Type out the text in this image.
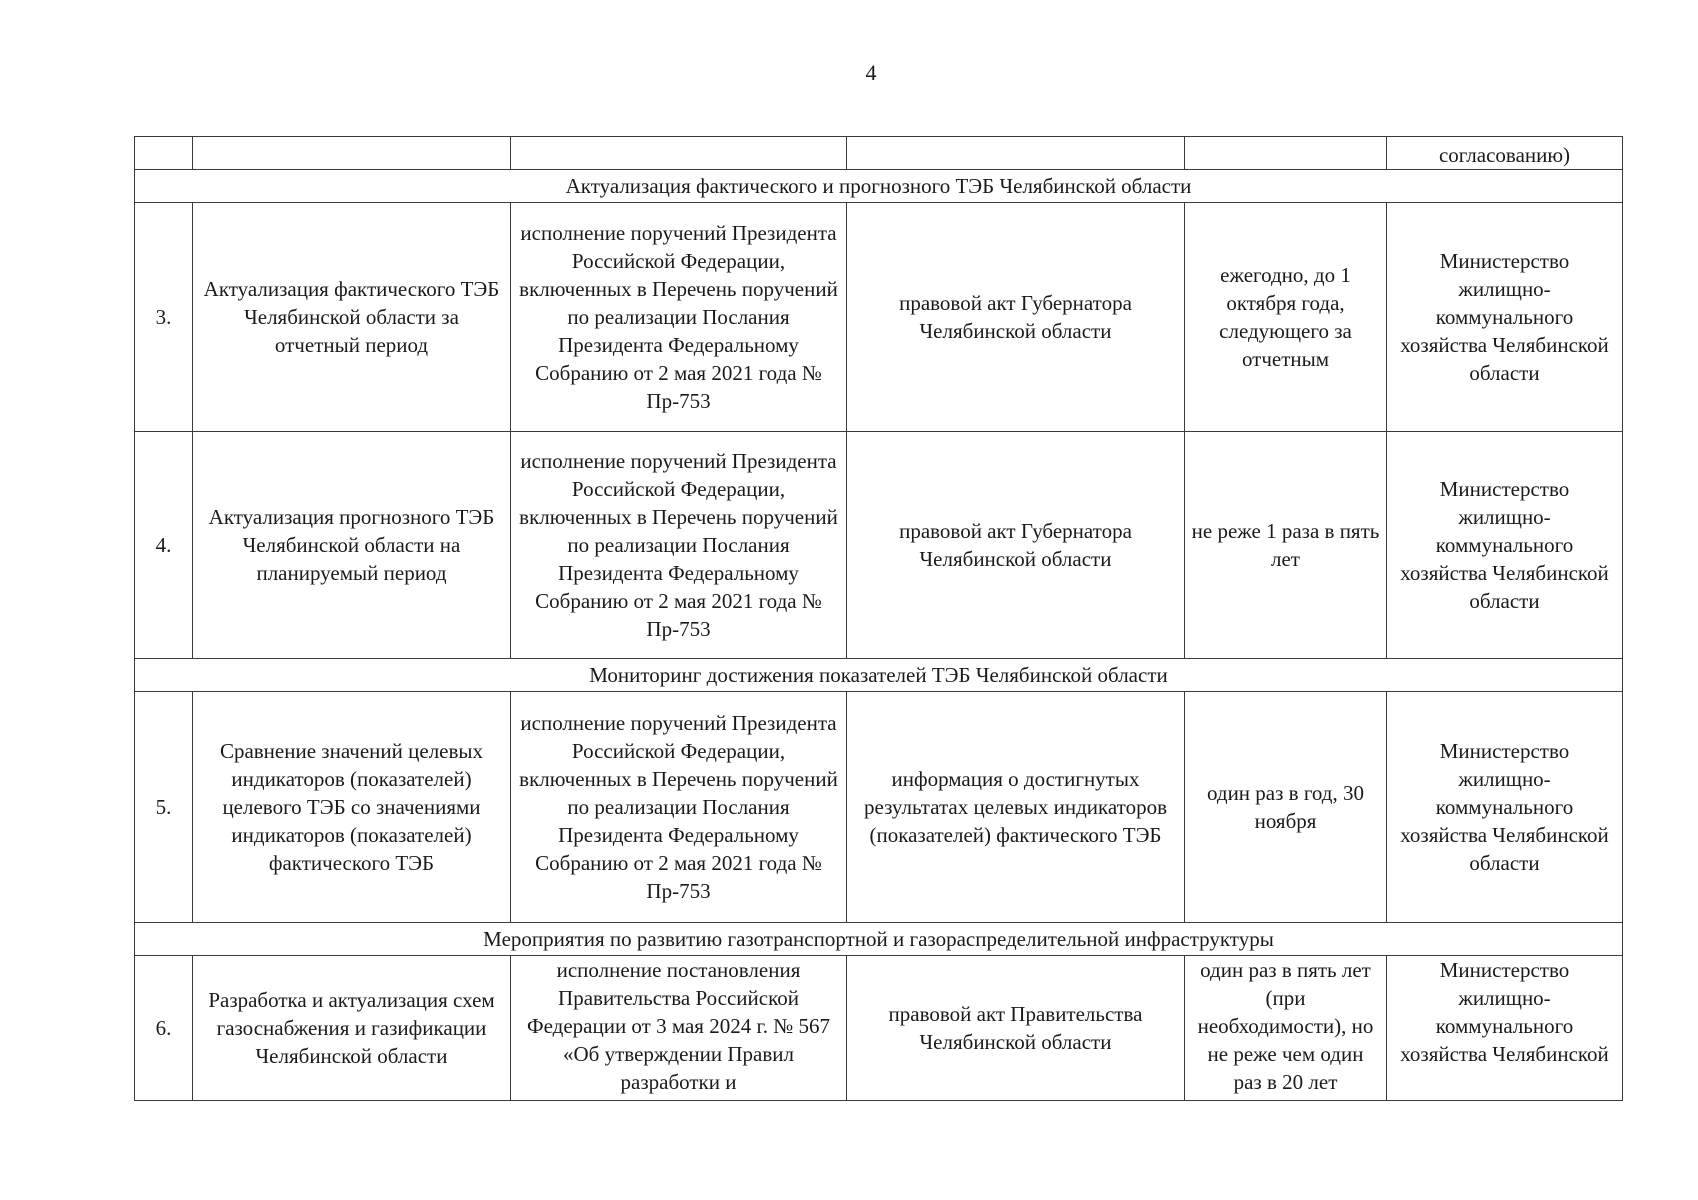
4
					согласованию)
Актуализация фактического и прогнозного ТЭБ Челябинской области					
3.	Актуализация фактического ТЭБ Челябинской области за отчетный период	исполнение поручений Президента Российской Федерации, включенных в Перечень поручений по реализации Послания Президента Федеральному Собранию от 2 мая 2021 года № Пр-753	правовой акт Губернатора Челябинской области	ежегодно, до 1 октября года, следующего за отчетным	Министерство жилищно-коммунального хозяйства Челябинской области
4.	Актуализация прогнозного ТЭБ Челябинской области на планируемый период	исполнение поручений Президента Российской Федерации, включенных в Перечень поручений по реализации Послания Президента Федеральному Собранию от 2 мая 2021 года № Пр-753	правовой акт Губернатора Челябинской области	не реже 1 раза в пять лет	Министерство жилищно-коммунального хозяйства Челябинской области
Мониторинг достижения показателей ТЭБ Челябинской области					
5.	Сравнение значений целевых индикаторов (показателей) целевого ТЭБ со значениями индикаторов (показателей) фактического ТЭБ	исполнение поручений Президента Российской Федерации, включенных в Перечень поручений по реализации Послания Президента Федеральному Собранию от 2 мая 2021 года № Пр-753	информация о достигнутых результатах целевых индикаторов (показателей) фактического ТЭБ	один раз в год, 30 ноября	Министерство жилищно-коммунального хозяйства Челябинской области
Мероприятия по развитию газотранспортной и газораспределительной инфраструктуры					
6.	Разработка и актуализация схем газоснабжения и газификации Челябинской области	исполнение постановления Правительства Российской Федерации от 3 мая 2024 г. № 567 «Об утверждении Правил разработки и	правовой акт Правительства Челябинской области	один раз в пять лет (при необходимости), но не реже чем один раз в 20 лет	Министерство жилищно-коммунального хозяйства Челябинской
